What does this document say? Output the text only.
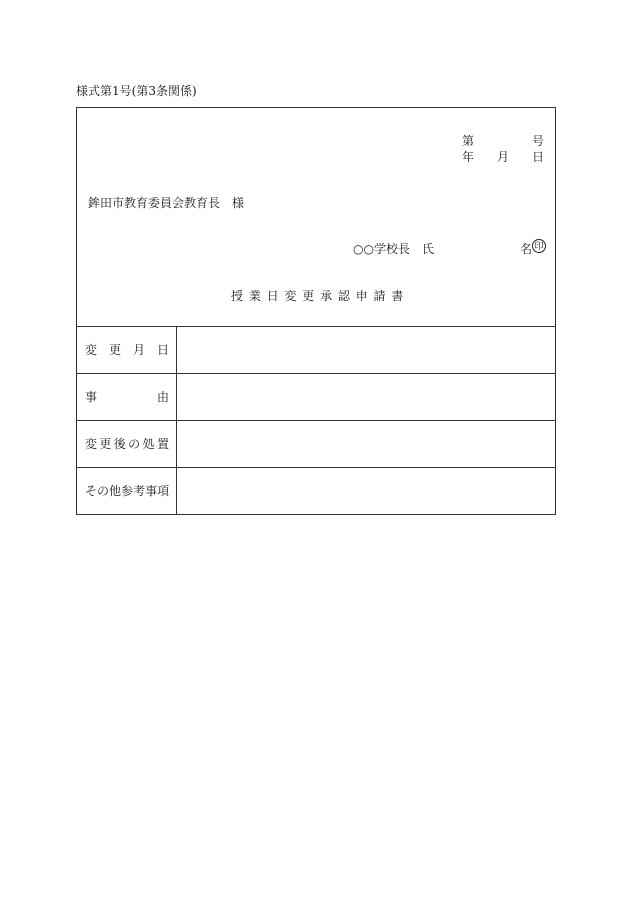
様式第1号(第3条関係)
第	号
年 月 日
鉾田市教育委員会教育長　様
○○学校長　氏	名
授 業 日 変 更 承 認 申 請 書
変 更 月 日
事	由
変 更 後 の 処 置
そ の 他 参 考 事 項
印
